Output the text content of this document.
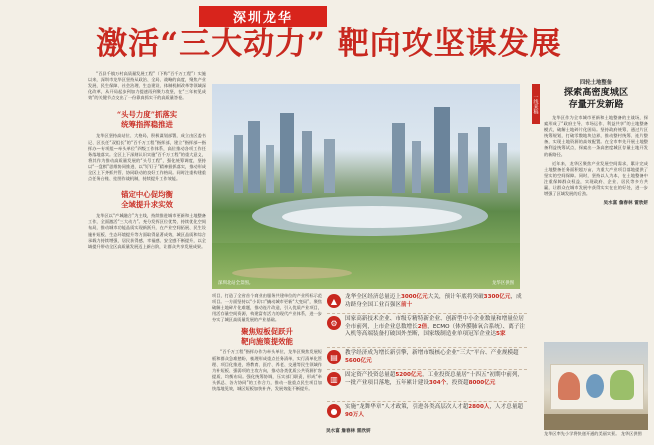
深圳龙华
激活“三大动力” 靶向攻坚谋发展

“百县千镇万村高质量发展工程”（下称“百千万工程”）实施以来，深圳市龙华区坚持从政治、全局、战略的高度，聚焦产业发展、民生保障、社会治理、生态建设、体制机制改革等领域深化改革，从开局起步到加力提速再到聚力攻坚，在“三年初见成效”的关键节点交出了一份靠真抓实干的高质量答卷。

“头号力度”抓落实

统筹指挥稳推进

龙华区坚持高站位、大格局，积极谋划部署，成立由区委书记、区长任“双组长”的“百千万工程”指挥部，建立“指挥部—指挥办—专项组—牵头单位”四级工作体系，高位推动各项工作任务落地落实。全区上下深刻认识实施“百千万工程”的重大意义，将其作为推动高质量发展的“头号工程”，强化统筹调度，坚持以“一盘棋”思维协同推进、以“钉钉子”精神狠抓落实，推动形成全区上下齐抓共管、协同联动的良好工作格局。同时注重构建重点任务台账、挂图作战机制，持续提升工作效能。

锚定中心促均衡

全域提升求实效

龙华区以“产城融合”为主线，持续推进城市更新和土地整备工作，全面激活“三大动力”。充分发挥区位优势，持续优化空间布局，推动城市功能品质实现新跃升，在产业空间拓展、民生设施补短板、生态环境提升等方面取得显著成效，城区品质和综合承载力持续增强，居民获得感、幸福感、安全感不断提升，以全域提升带动全区高质量发展迈上新台阶，让群众共享发展成果。

深圳北站全景图。	龙华区供图

项目，打造了全省首个商业由服务共建单位的产业所标示范项目。一方面坚持以“小切口”撬动城市更新“大变局”，聚焦破解土地碎片化难题，推动连片改造，引入优质产业项目，用活存量空间资源，构建富有活力的现代产业体系，进一步夯实了城区高质量发展的产业基础。

聚焦短板促跃升

靶向施策提效能

“百千万工程”指挥办作为牵头单位，龙华区聚焦发展短板和群众急难愁盼，梳理形成重点任务清单，实行清单化管理、项目化推进，将教育、医疗、养老、交通等民生领域作为补短板、强弱项的主攻方向，推动各类优质公共资源扩容提质、均衡布局。强化统筹协调，压实部门职责，形成“牵头抓总、各方协同”的工作合力，推动一批重点民生项目加快落地见效，城区短板加快补齐，发展效能不断提升。

▲	龙华全区经济总量迈上3000亿元大关，预计年底将突破3300亿元，成功跻身全国工业百强区前十
⚙	国家高新技术企业、市级专精特新企业、创新型中小企业数量和增量位居全市前列，上市企业总数增长2倍，ECMO（体外膜肺氧合系统）、离子注入机等高端装备打破国外垄断，国家级制造业单项冠军企业达5家
▤	教学经济成为增长新引擎，新增市级核心企业“三大”平台、产业规模超5600亿元
▥	固定资产投资总量超5200亿元，工业投资总量居“十四五”初期中前列，一批产业项目落地，五年累计建设304个，投资超8000亿元
●	实施“龙舞华章”人才政策，引进各类高层次人才超2800人，人才总量超90万人
吴水富 詹春林 雷欣妍
一线来稿

四轮土地整备

探索高密度城区

存量开发新路

龙华区作为全市城市更新和土地整备的主战场，探索形成了“政府主导、市场运作、利益共享”的土地整备模式，破解土地碎片化困局。坚持政府统筹，通过片区统筹规划，打破零散地块边界，推动整村统筹、连片整备，实现土地资源的高效配置。在全市率先开展土地整备利益统筹试点，探索出一条高密度城区存量土地开发的新路径。

近年来，龙华区聚焦产业发展空间需求，累计完成土地整备任务面积超万亩，为重大产业项目落地提供了坚实的空间保障。同时，坚持以人为本，在土地整备中注重保障群众权益，实现政府、企业、居民等多方共赢，让群众在城市发展中获得实实在在的好处，进一步增强了区域发展的后劲。

吴水富 詹春林 雷欣妍
龙华区率先小学将快递开通的美丽实景。 龙华区供图
